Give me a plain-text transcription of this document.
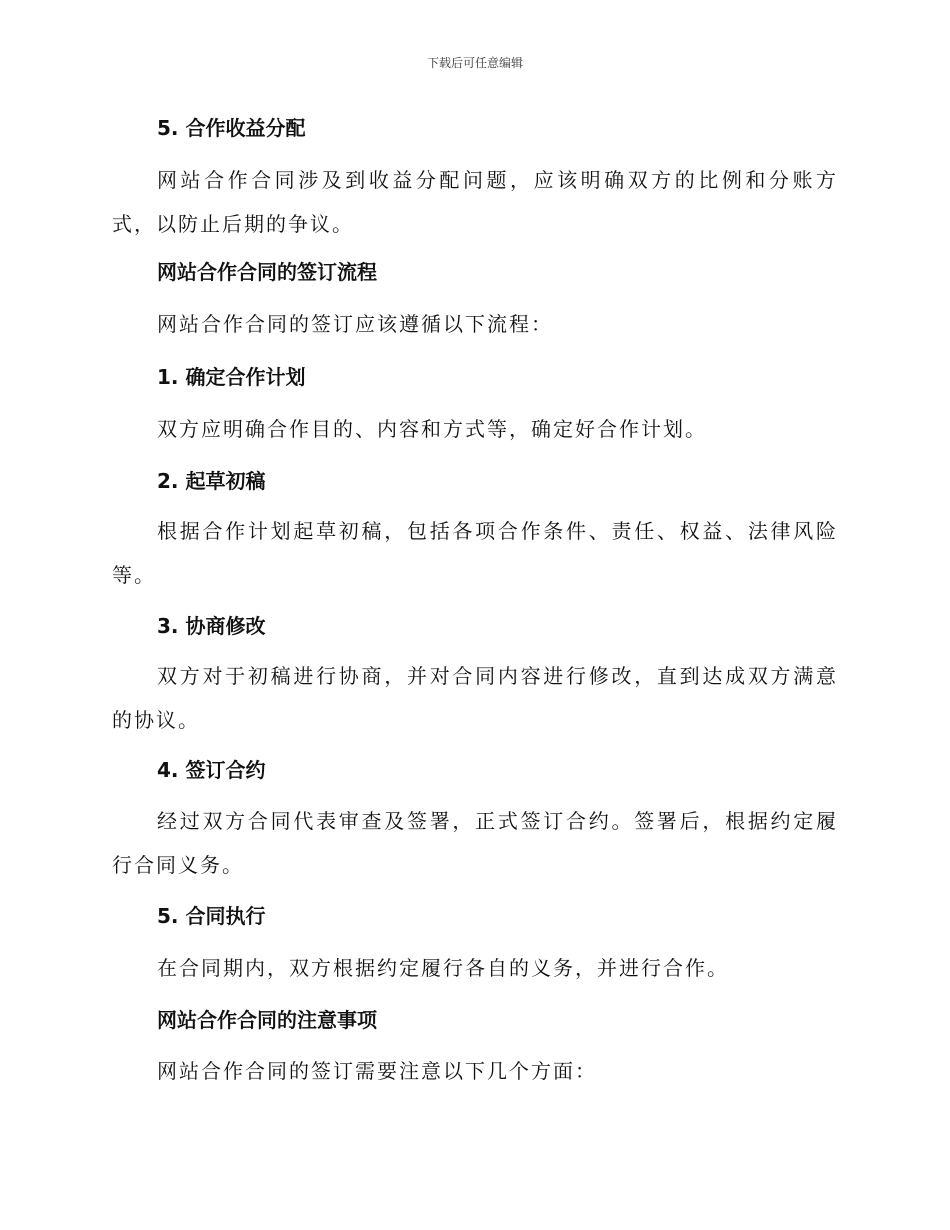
下载后可任意编辑
5. 合作收益分配

网站合作合同涉及到收益分配问题，应该明确双方的比例和分账方式，以防止后期的争议。

网站合作合同的签订流程

网站合作合同的签订应该遵循以下流程：

1. 确定合作计划

双方应明确合作目的、内容和方式等，确定好合作计划。

2. 起草初稿

根据合作计划起草初稿，包括各项合作条件、责任、权益、法律风险等。

3. 协商修改

双方对于初稿进行协商，并对合同内容进行修改，直到达成双方满意的协议。

4. 签订合约

经过双方合同代表审查及签署，正式签订合约。签署后，根据约定履行合同义务。

5. 合同执行

在合同期内，双方根据约定履行各自的义务，并进行合作。

网站合作合同的注意事项

网站合作合同的签订需要注意以下几个方面：
